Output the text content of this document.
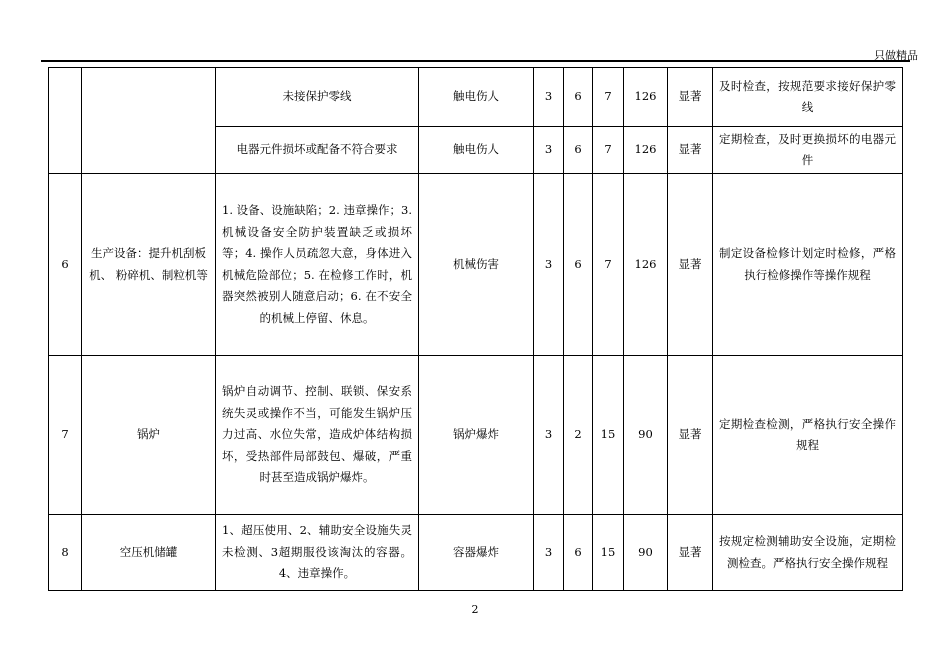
只做精品
		未接保护零线	触电伤人	3	6	7	126	显著	及时检查，按规范要求接好保护零线
		电器元件损坏或配备不符合要求	触电伤人	3	6	7	126	显著	定期检查，及时更换损坏的电器元件
6	生产设备：提升机刮板机、 粉碎机、制粒机等	1. 设备、设施缺陷；2. 违章操作；3. 机械设备安全防护装置缺乏或损坏等；4. 操作人员疏忽大意，身体进入机械危险部位；5. 在检修工作时，机器突然被别人随意启动；6. 在不安全的机械上停留、休息。	机械伤害	3	6	7	126	显著	制定设备检修计划定时检修，严格执行检修操作等操作规程
7	锅炉	锅炉自动调节、控制、联锁、保安系统失灵或操作不当，可能发生锅炉压力过高、水位失常，造成炉体结构损坏，受热部件局部鼓包、爆破，严重时甚至造成锅炉爆炸。	锅炉爆炸	3	2	15	90	显著	定期检查检测，严格执行安全操作规程
8	空压机储罐	1、超压使用、2、辅助安全设施失灵未检测、3超期服役该淘汰的容器。4、违章操作。	容器爆炸	3	6	15	90	显著	按规定检测辅助安全设施，定期检测检查。严格执行安全操作规程
2
